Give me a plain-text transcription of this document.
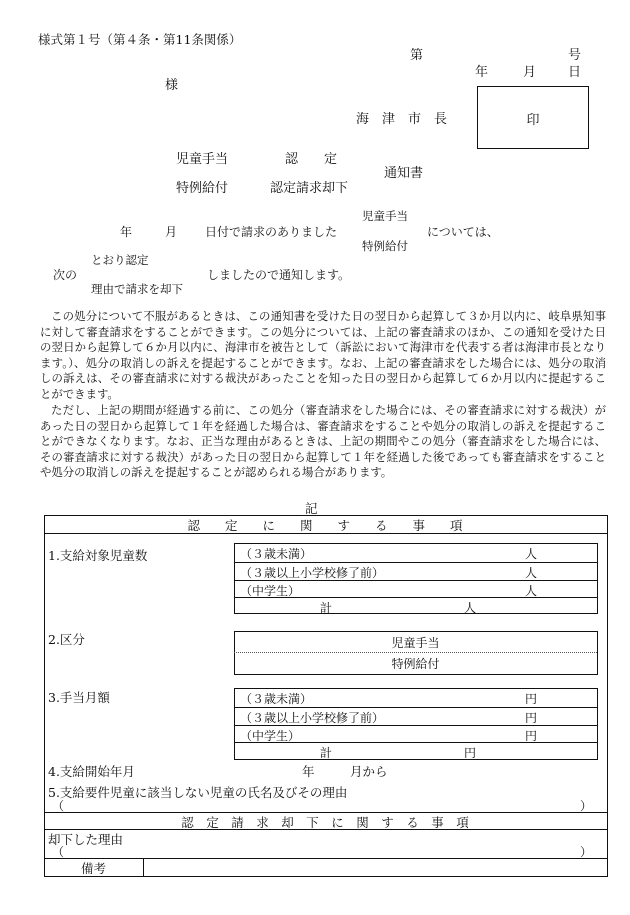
様式第１号（第４条・第11条関係）
第	号
年	月 日
様
海　津　市　長	印
児童手当	認　　定
通知書
特例給付	認定請求却下
児童手当
年	月 日付で請求のありました	については、
特例給付
とおり認定
次の	しましたので通知します。
理由で請求を却下
この処分について不服があるときは、この通知書を受けた日の翌日から起算して３か月以内に、岐阜県知事に対して審査請求をすることができます。この処分については、上記の審査請求のほか、この通知を受けた日の翌日から起算して６か月以内に、海津市を被告として（訴訟において海津市を代表する者は海津市長となります。）、処分の取消しの訴えを提起することができます。なお、上記の審査請求をした場合には、処分の取消しの訴えは、その審査請求に対する裁決があったことを知った日の翌日から起算して６か月以内に提起することができます。
ただし、上記の期間が経過する前に、この処分（審査請求をした場合には、その審査請求に対する裁決）があった日の翌日から起算して１年を経過した場合は、審査請求をすることや処分の取消しの訴えを提起することができなくなります。なお、正当な理由があるときは、上記の期間やこの処分（審査請求をした場合には、その審査請求に対する裁決）があった日の翌日から起算して１年を経過した後であっても審査請求をすることや処分の取消しの訴えを提起することが認められる場合があります。
記
認　　定　　に　　関　　す　　る　　事　　項
1.支給対象児童数	（３歳未満）	人
（３歳以上小学校修了前）	人
（中学生）	人
計	人
2.区分	児童手当
特例給付
3.手当月額	（３歳未満）	円
（３歳以上小学校修了前）	円
（中学生）	円
計	円
4.支給開始年月	年	月から
5.支給要件児童に該当しない児童の氏名及びその理由
（	）
認　定　請　求　却　下　に　関　す　る　事　項
却下した理由
（	）
備考
